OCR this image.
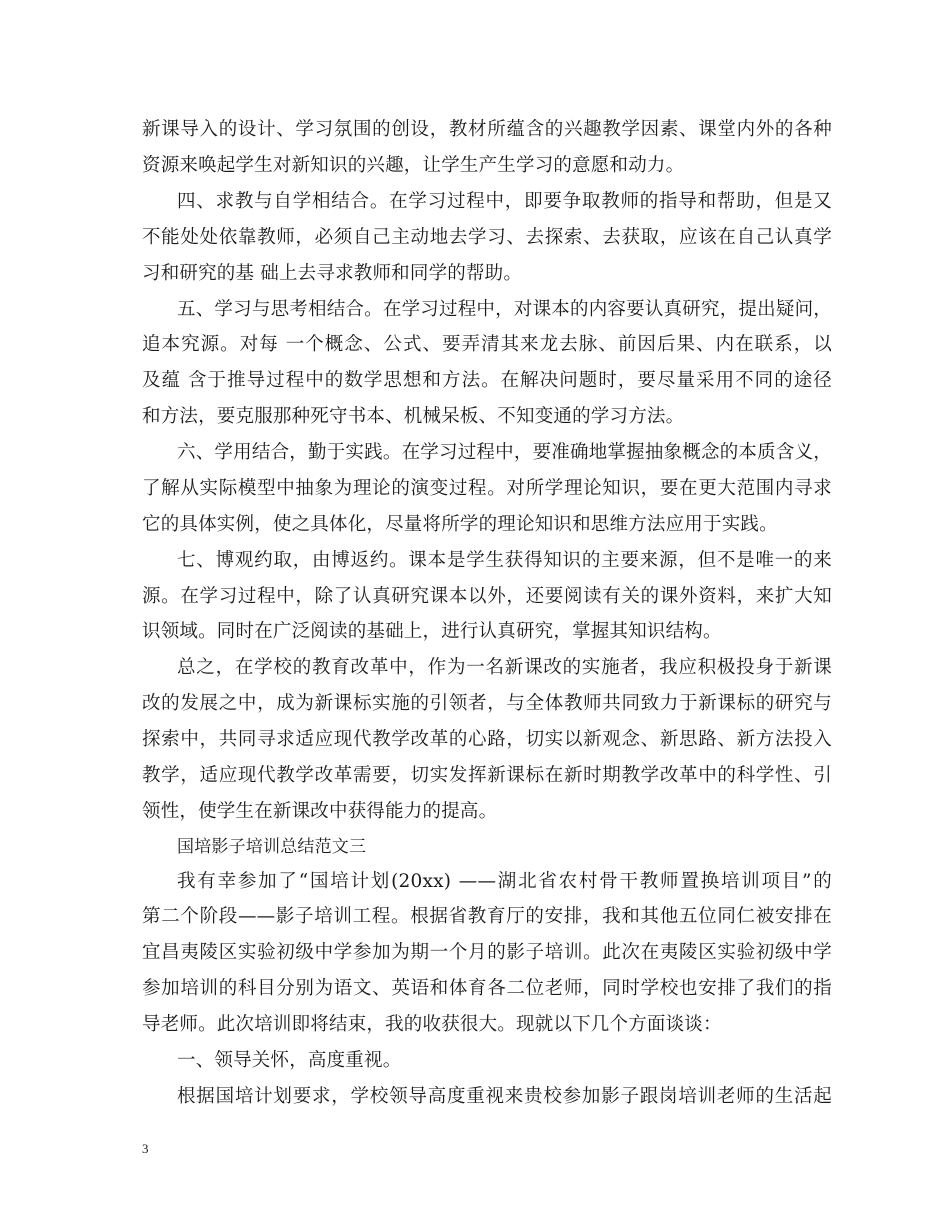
新课导入的设计、学习氛围的创设，教材所蕴含的兴趣教学因素、课堂内外的各种
资源来唤起学生对新知识的兴趣，让学生产生学习的意愿和动力。
四、求教与自学相结合。在学习过程中，即要争取教师的指导和帮助，但是又
不能处处依靠教师，必须自己主动地去学习、去探索、去获取，应该在自己认真学
习和研究的基 础上去寻求教师和同学的帮助。
五、学习与思考相结合。在学习过程中，对课本的内容要认真研究，提出疑问，
追本究源。对每 一个概念、公式、要弄清其来龙去脉、前因后果、内在联系，以
及蕴 含于推导过程中的数学思想和方法。在解决问题时，要尽量采用不同的途径
和方法，要克服那种死守书本、机械呆板、不知变通的学习方法。
六、学用结合，勤于实践。在学习过程中，要准确地掌握抽象概念的本质含义，
了解从实际模型中抽象为理论的演变过程。对所学理论知识，要在更大范围内寻求
它的具体实例，使之具体化，尽量将所学的理论知识和思维方法应用于实践。
七、博观约取，由博返约。课本是学生获得知识的主要来源，但不是唯一的来
源。在学习过程中，除了认真研究课本以外，还要阅读有关的课外资料，来扩大知
识领域。同时在广泛阅读的基础上，进行认真研究，掌握其知识结构。
总之，在学校的教育改革中，作为一名新课改的实施者，我应积极投身于新课
改的发展之中，成为新课标实施的引领者，与全体教师共同致力于新课标的研究与
探索中，共同寻求适应现代教学改革的心路，切实以新观念、新思路、新方法投入
教学，适应现代教学改革需要，切实发挥新课标在新时期教学改革中的科学性、引
领性，使学生在新课改中获得能力的提高。
国培影子培训总结范文三
我有幸参加了“国培计划(20xx) ——湖北省农村骨干教师置换培训项目”的
第二个阶段——影子培训工程。根据省教育厅的安排，我和其他五位同仁被安排在
宜昌夷陵区实验初级中学参加为期一个月的影子培训。此次在夷陵区实验初级中学
参加培训的科目分别为语文、英语和体育各二位老师，同时学校也安排了我们的指
导老师。此次培训即将结束，我的收获很大。现就以下几个方面谈谈：
一、领导关怀，高度重视。
根据国培计划要求，学校领导高度重视来贵校参加影子跟岗培训老师的生活起
3
